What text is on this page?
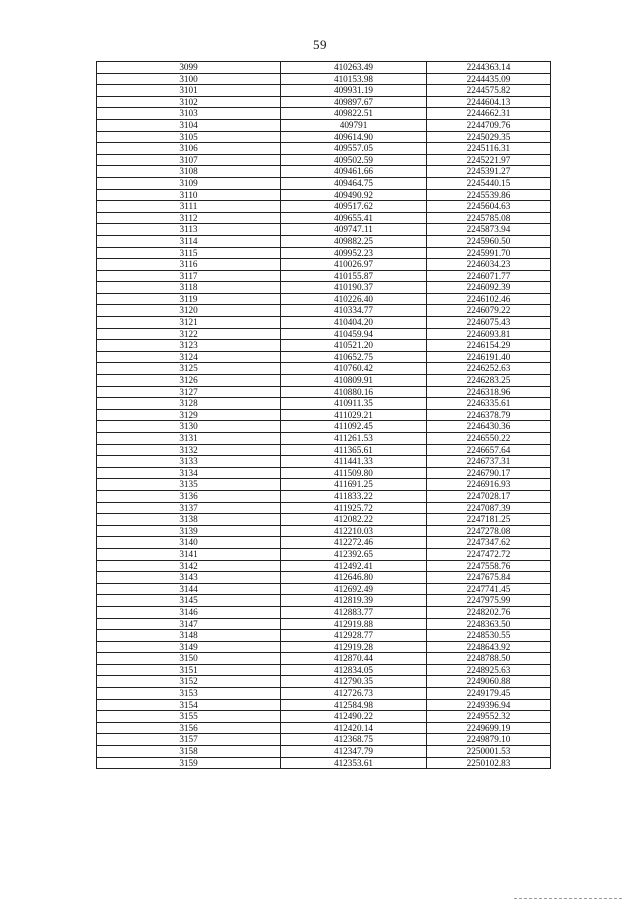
59
3099	410263.49	2244363.14
3100	410153.98	2244435.09
3101	409931.19	2244575.82
3102	409897.67	2244604.13
3103	409822.51	2244662.31
3104	409791	2244709.76
3105	409614.90	2245029.35
3106	409557.05	2245116.31
3107	409502.59	2245221.97
3108	409461.66	2245391.27
3109	409464.75	2245440.15
3110	409490.92	2245539.86
3111	409517.62	2245604.63
3112	409655.41	2245785.08
3113	409747.11	2245873.94
3114	409882.25	2245960.50
3115	409952.23	2245991.70
3116	410026.97	2246034.23
3117	410155.87	2246071.77
3118	410190.37	2246092.39
3119	410226.40	2246102.46
3120	410334.77	2246079.22
3121	410404.20	2246075.43
3122	410459.94	2246093.81
3123	410521.20	2246154.29
3124	410652.75	2246191.40
3125	410760.42	2246252.63
3126	410809.91	2246283.25
3127	410880.16	2246318.96
3128	410911.35	2246335.61
3129	411029.21	2246378.79
3130	411092.45	2246430.36
3131	411261.53	2246550.22
3132	411365.61	2246657.64
3133	411441.33	2246737.31
3134	411509.80	2246790.17
3135	411691.25	2246916.93
3136	411833.22	2247028.17
3137	411925.72	2247087.39
3138	412082.22	2247181.25
3139	412210.03	2247278.08
3140	412272.46	2247347.62
3141	412392.65	2247472.72
3142	412492.41	2247558.76
3143	412646.80	2247675.84
3144	412692.49	2247741.45
3145	412819.39	2247975.99
3146	412883.77	2248202.76
3147	412919.88	2248363.50
3148	412928.77	2248530.55
3149	412919.28	2248643.92
3150	412870.44	2248788.50
3151	412834.05	2248925.63
3152	412790.35	2249060.88
3153	412726.73	2249179.45
3154	412584.98	2249396.94
3155	412490.22	2249552.32
3156	412420.14	2249699.19
3157	412368.75	2249879.10
3158	412347.79	2250001.53
3159	412353.61	2250102.83
